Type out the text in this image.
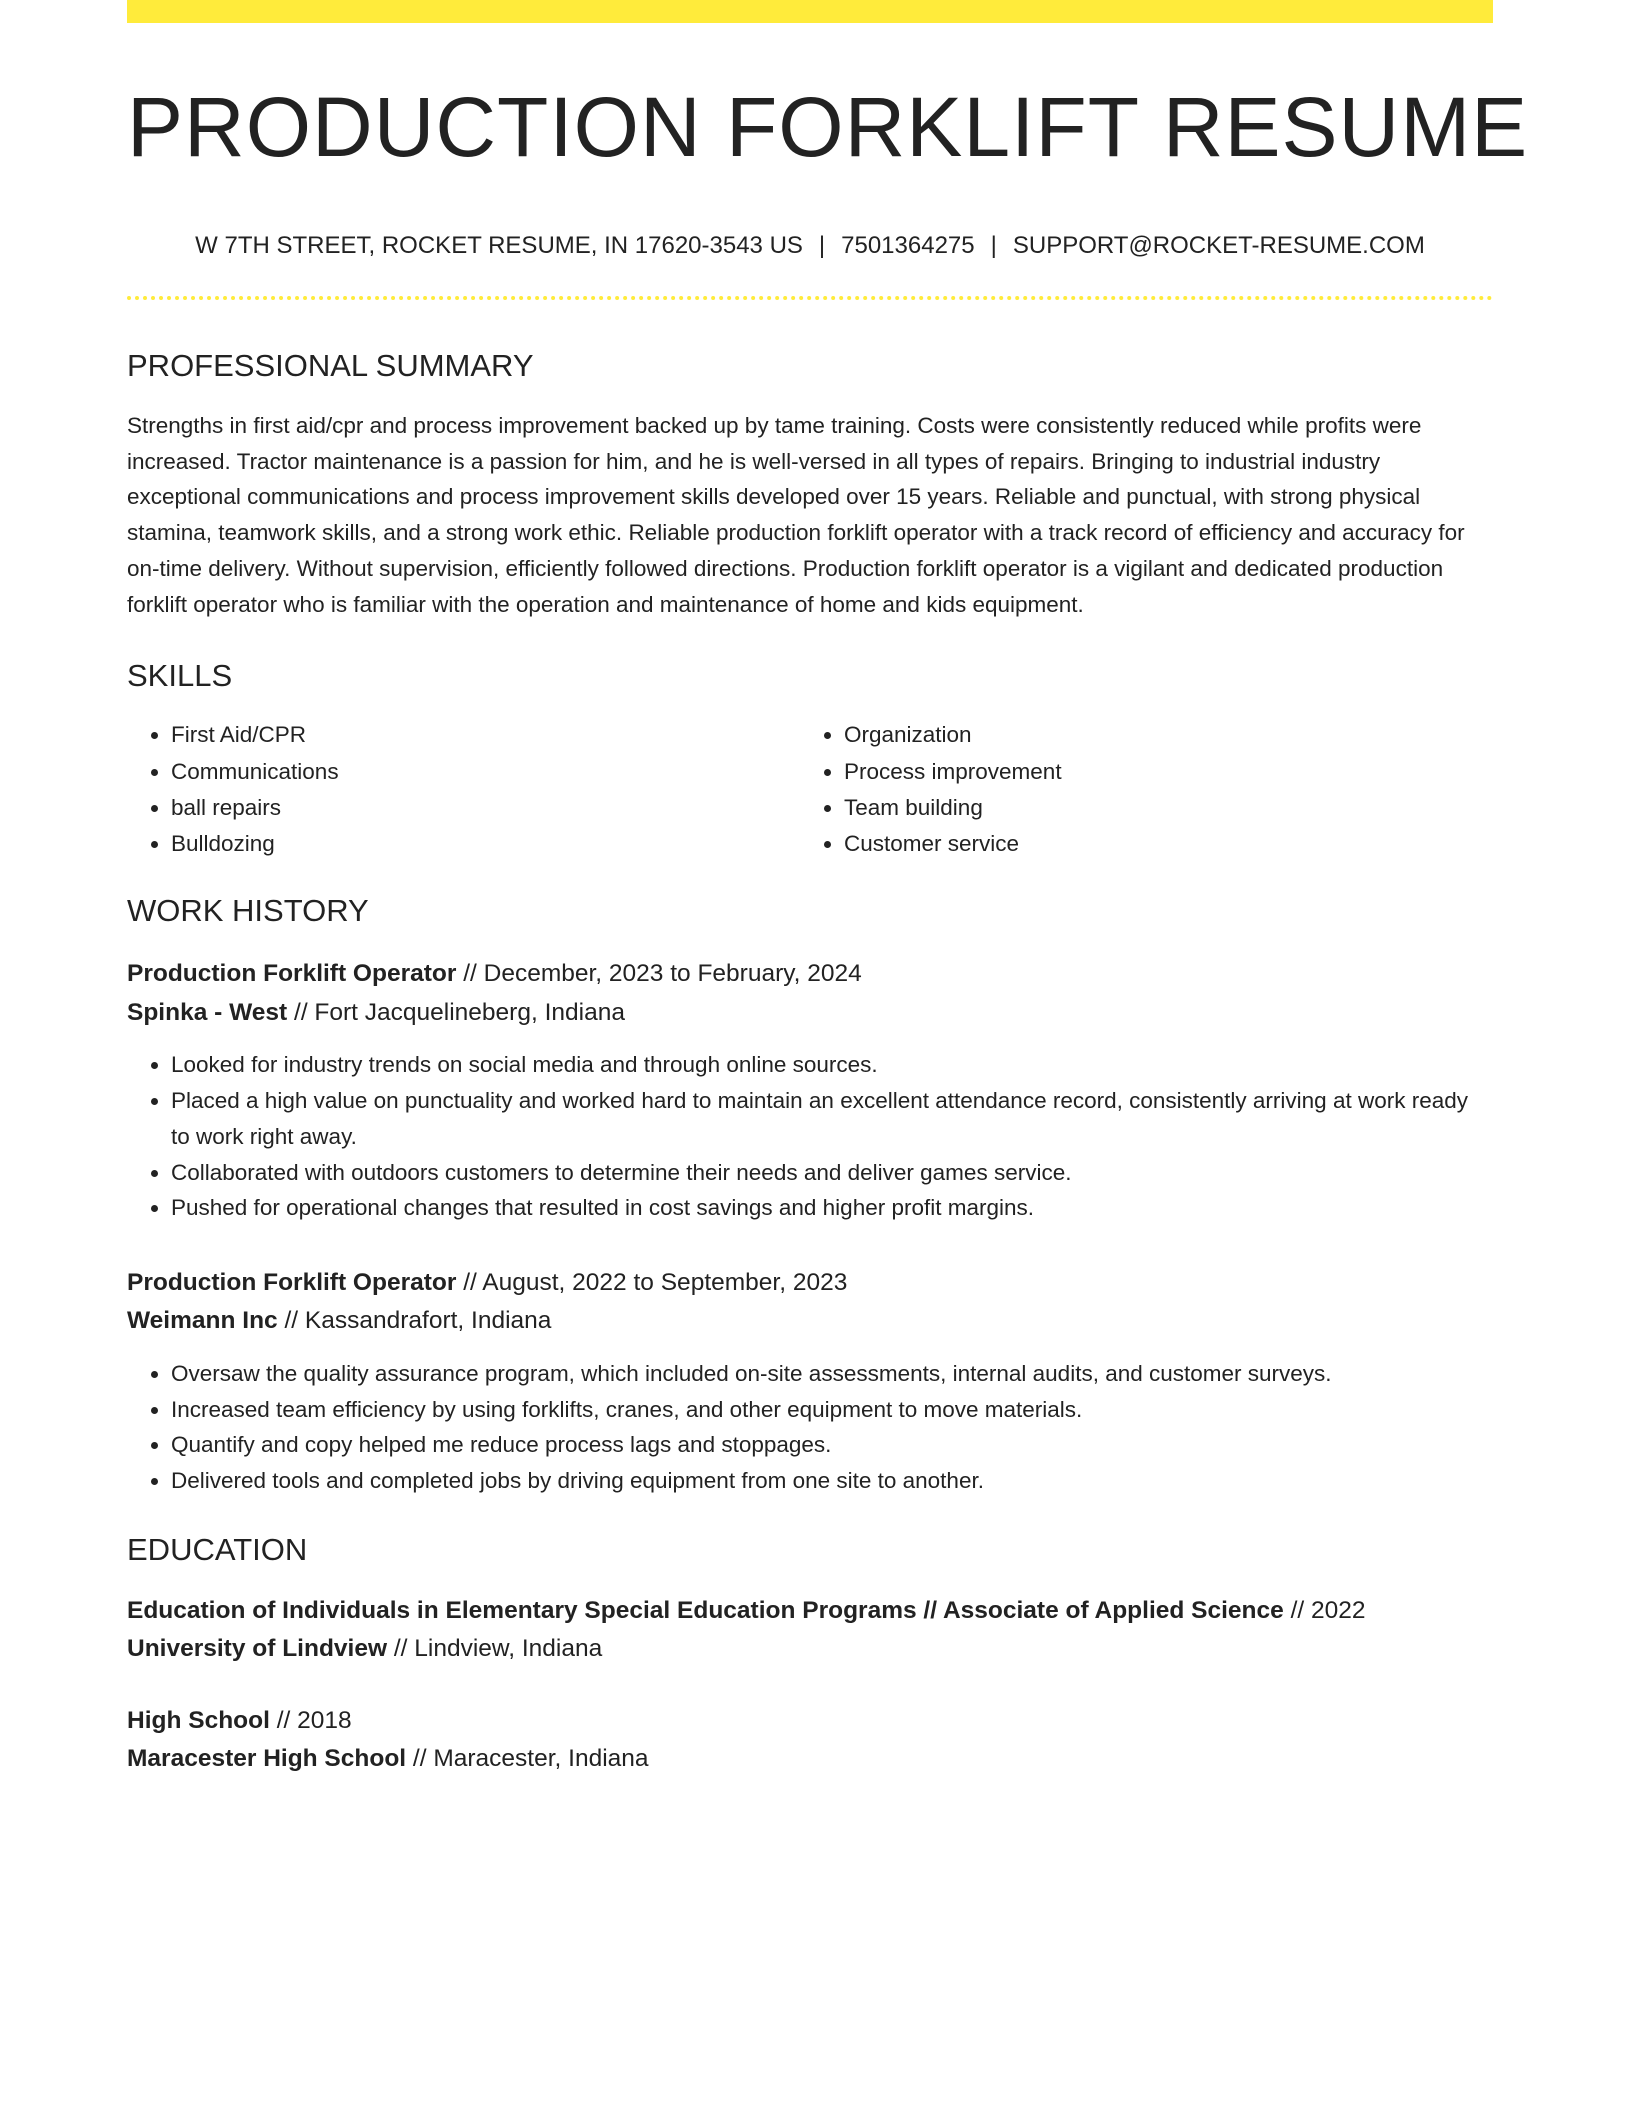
PRODUCTION FORKLIFT RESUME
W 7TH STREET, ROCKET RESUME, IN 17620-3543 US | 7501364275 | SUPPORT@ROCKET-RESUME.COM
PROFESSIONAL SUMMARY

Strengths in first aid/cpr and process improvement backed up by tame training. Costs were consistently reduced while profits were increased. Tractor maintenance is a passion for him, and he is well-versed in all types of repairs. Bringing to industrial industry exceptional communications and process improvement skills developed over 15 years. Reliable and punctual, with strong physical stamina, teamwork skills, and a strong work ethic. Reliable production forklift operator with a track record of efficiency and accuracy for on-time delivery. Without supervision, efficiently followed directions. Production forklift operator is a vigilant and dedicated production forklift operator who is familiar with the operation and maintenance of home and kids equipment.

SKILLS
• First Aid/CPR
• Communications
• ball repairs
• Bulldozing
• Organization
• Process improvement
• Team building
• Customer service
WORK HISTORY
Production Forklift Operator // December, 2023 to February, 2024
Spinka - West // Fort Jacquelineberg, Indiana
• Looked for industry trends on social media and through online sources.
• Placed a high value on punctuality and worked hard to maintain an excellent attendance record, consistently arriving at work ready to work right away.
• Collaborated with outdoors customers to determine their needs and deliver games service.
• Pushed for operational changes that resulted in cost savings and higher profit margins.
Production Forklift Operator // August, 2022 to September, 2023
Weimann Inc // Kassandrafort, Indiana
• Oversaw the quality assurance program, which included on-site assessments, internal audits, and customer surveys.
• Increased team efficiency by using forklifts, cranes, and other equipment to move materials.
• Quantify and copy helped me reduce process lags and stoppages.
• Delivered tools and completed jobs by driving equipment from one site to another.
EDUCATION
Education of Individuals in Elementary Special Education Programs // Associate of Applied Science // 2022
University of Lindview // Lindview, Indiana
High School // 2018
Maracester High School // Maracester, Indiana
